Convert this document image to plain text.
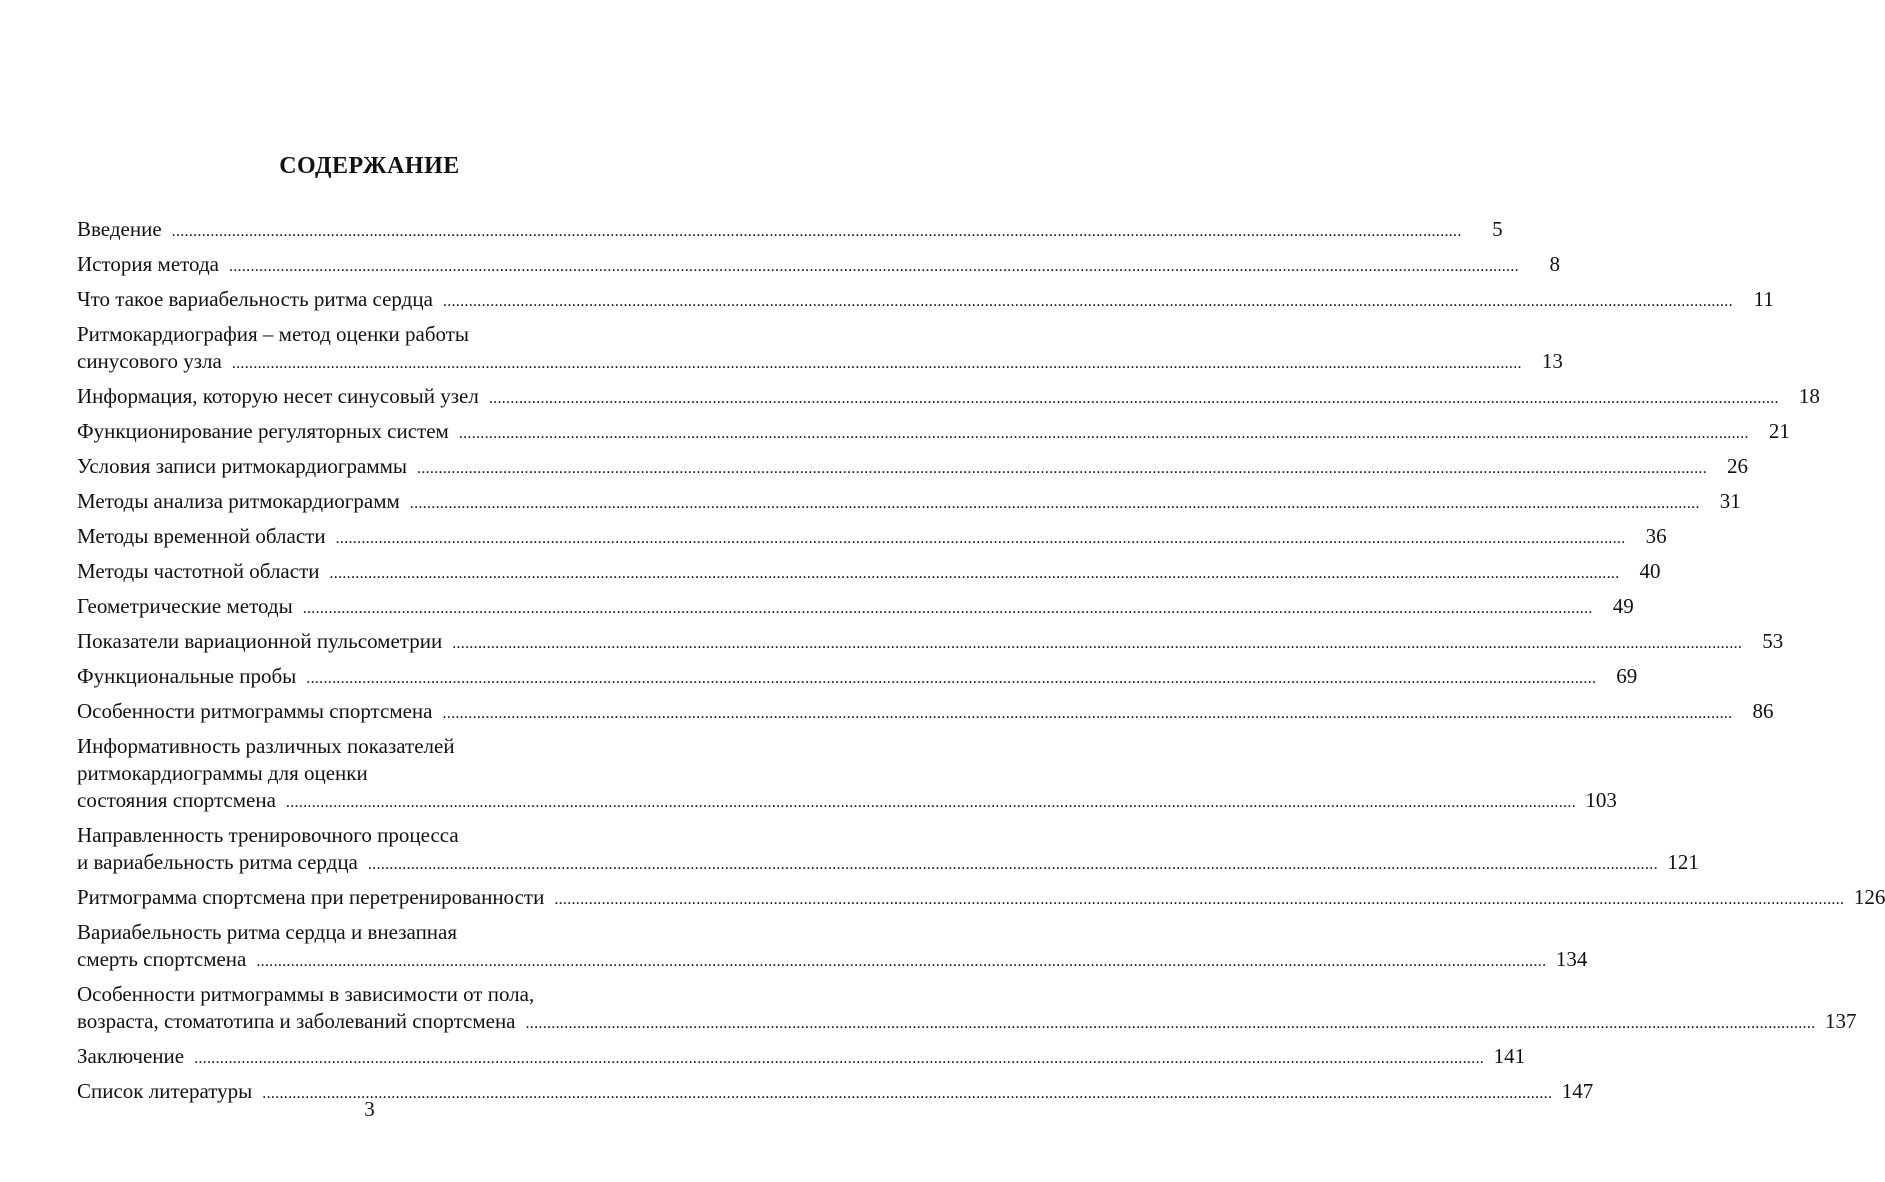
СОДЕРЖАНИЕ
Введение ............................................................................................................................................................................................................................................................................................................	5
История метода ............................................................................................................................................................................................................................................................................................................	8
Что такое вариабельность ритма сердца ............................................................................................................................................................................................................................................................................................................ 11
Ритмокардиография – метод оценки работы
синусового узла ............................................................................................................................................................................................................................................................................................................ 13
Информация, которую несет синусовый узел ............................................................................................................................................................................................................................................................................................................ 18
Функционирование регуляторных систем ............................................................................................................................................................................................................................................................................................................ 21
Условия записи ритмокардиограммы ............................................................................................................................................................................................................................................................................................................ 26
Методы анализа ритмокардиограмм ............................................................................................................................................................................................................................................................................................................ 31
Методы временной области ............................................................................................................................................................................................................................................................................................................ 36
Методы частотной области ............................................................................................................................................................................................................................................................................................................ 40
Геометрические методы ............................................................................................................................................................................................................................................................................................................ 49
Показатели вариационной пульсометрии ............................................................................................................................................................................................................................................................................................................ 53
Функциональные пробы ............................................................................................................................................................................................................................................................................................................ 69
Особенности ритмограммы спортсмена ............................................................................................................................................................................................................................................................................................................ 86
Информативность различных показателей
ритмокардиограммы для оценки
состояния спортсмена ............................................................................................................................................................................................................................................................................................................ 103
Направленность тренировочного процесса
и вариабельность ритма сердца ............................................................................................................................................................................................................................................................................................................ 121
Ритмограмма спортсмена при перетренированности ............................................................................................................................................................................................................................................................................................................ 126
Вариабельность ритма сердца и внезапная
смерть спортсмена ............................................................................................................................................................................................................................................................................................................ 134
Особенности ритмограммы в зависимости от пола,
возраста, стоматотипа и заболеваний спортсмена ............................................................................................................................................................................................................................................................................................................ 137
Заключение ............................................................................................................................................................................................................................................................................................................ 141
Список литературы ............................................................................................................................................................................................................................................................................................................ 147
3
